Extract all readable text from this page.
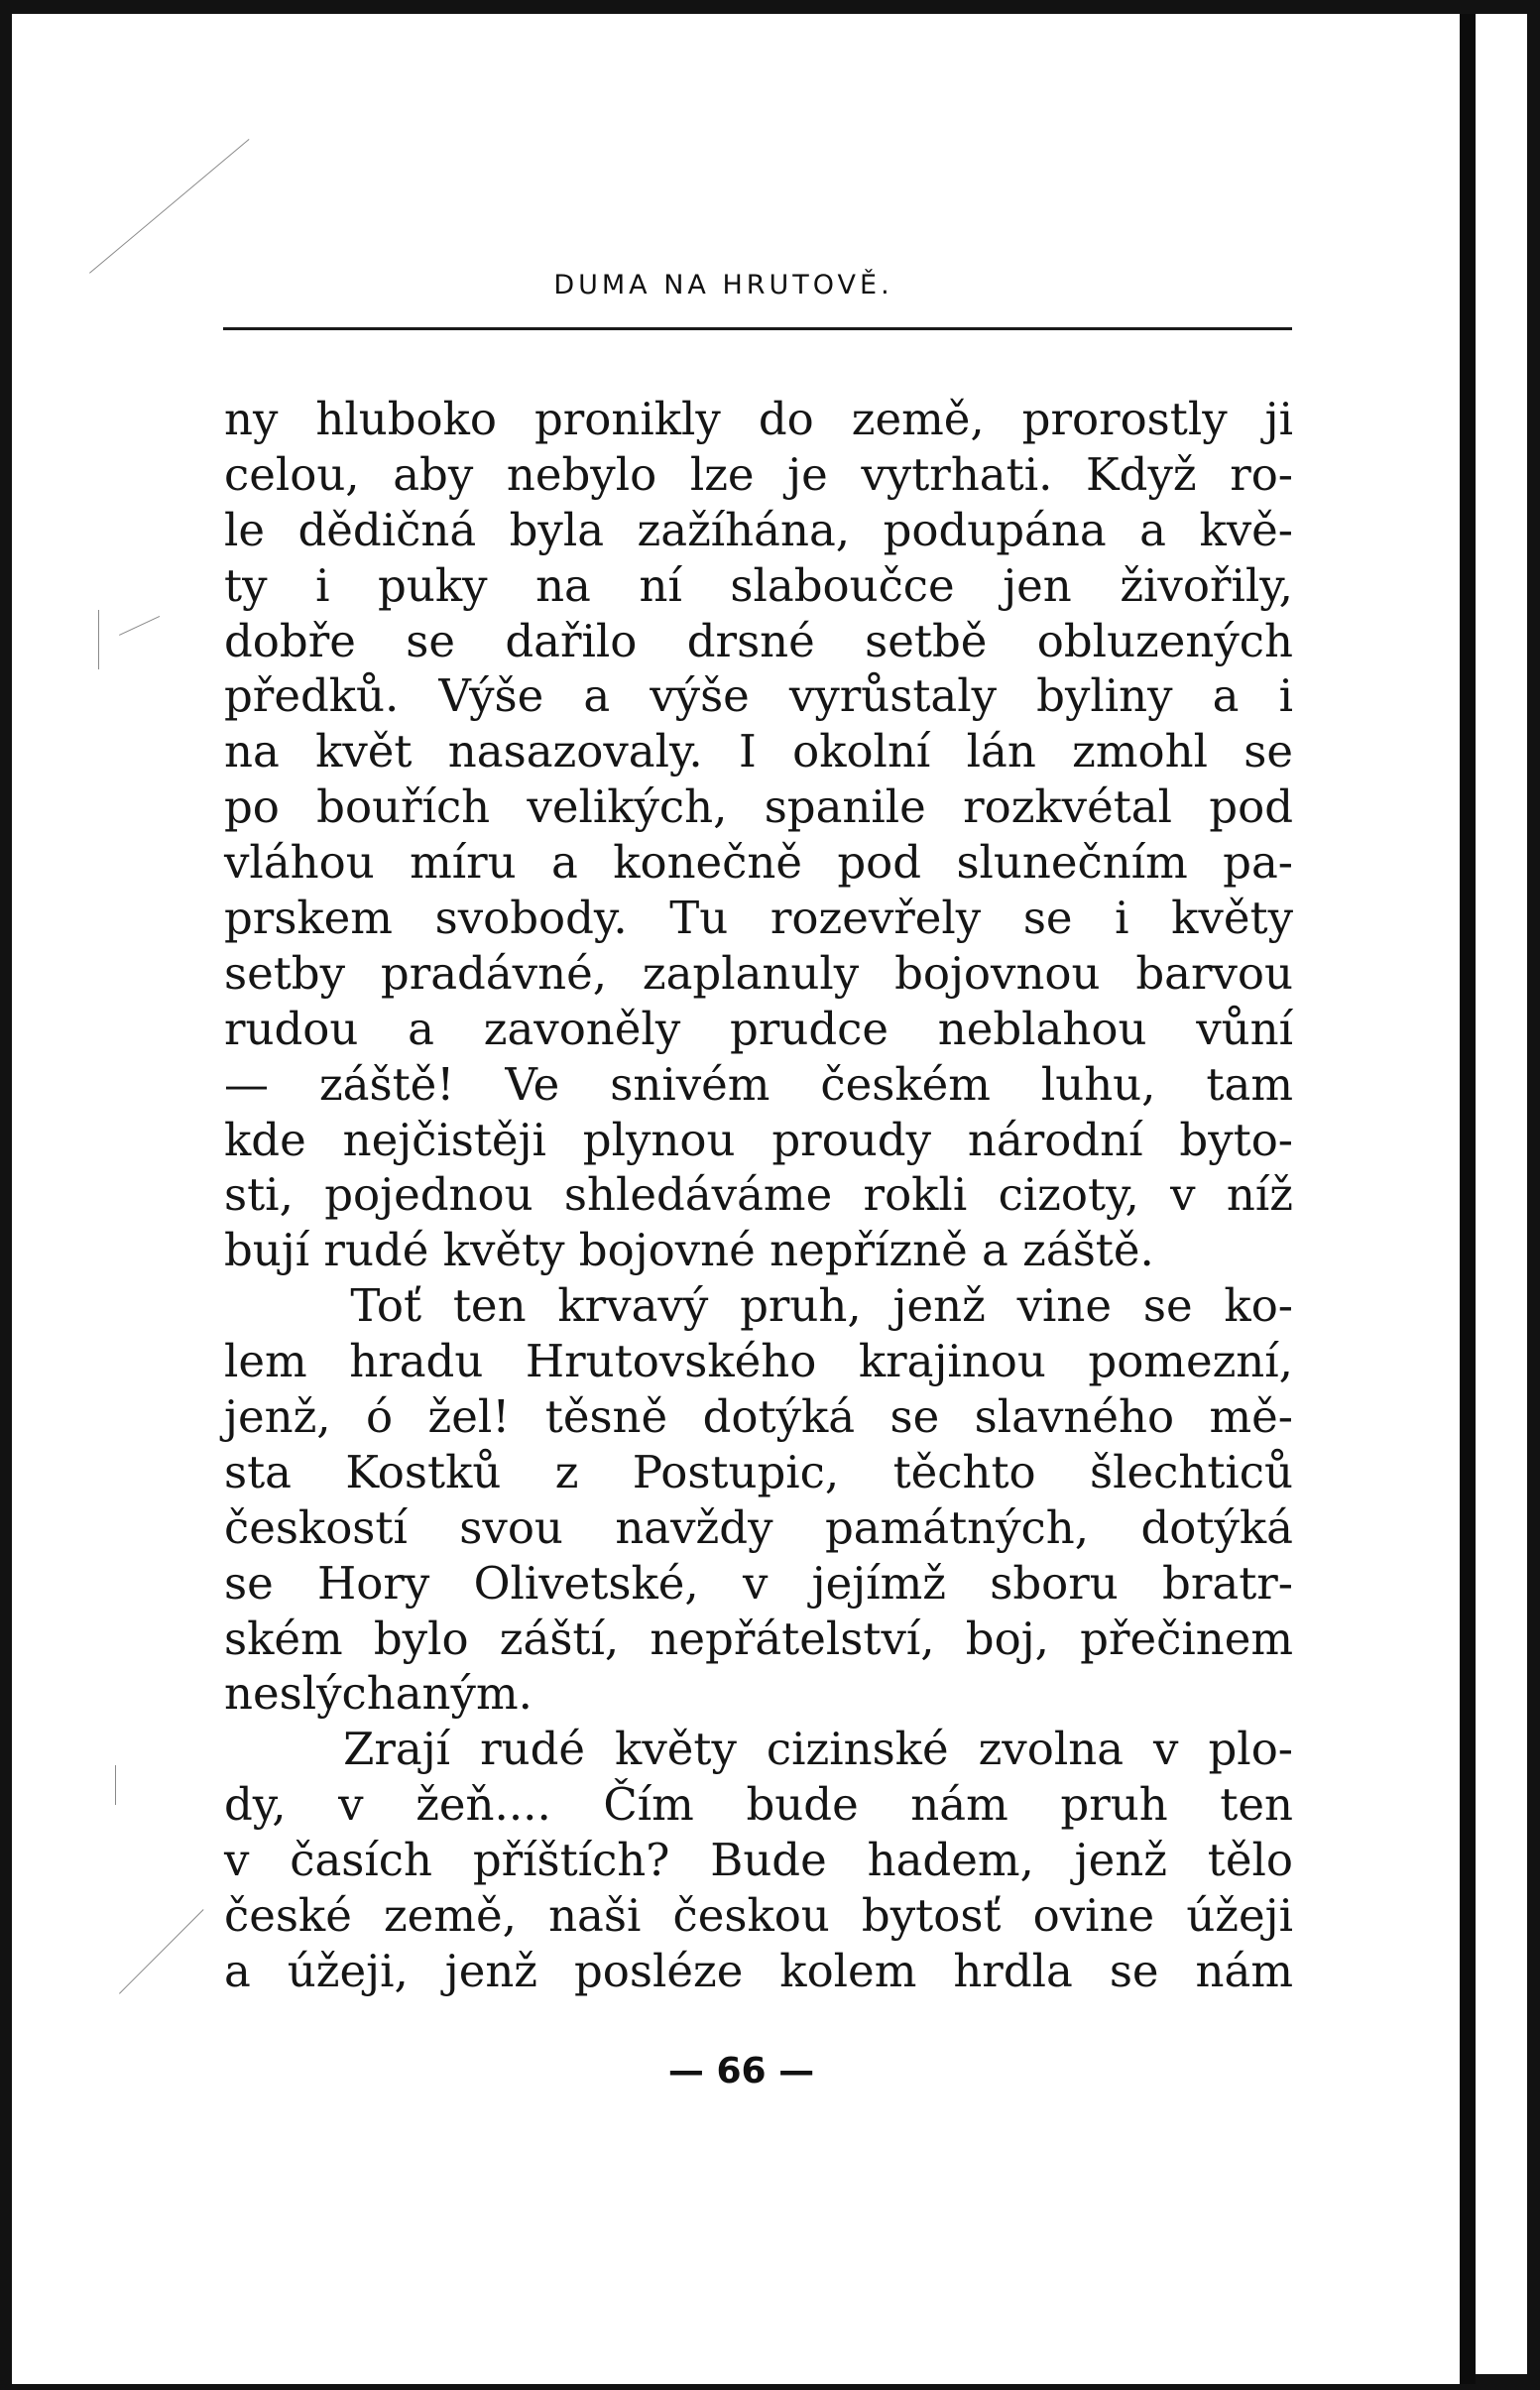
DUMA NA HRUTOVĚ.
ny hluboko pronikly do země, prorostly ji
celou, aby nebylo lze je vytrhati. Když ro-
le dědičná byla zažíhána, podupána a kvě-
ty i puky na ní slaboučce jen živořily,
dobře se dařilo drsné setbě obluzených
předků. Výše a výše vyrůstaly byliny a i
na květ nasazovaly. I okolní lán zmohl se
po bouřích velikých, spanile rozkvétal pod
vláhou míru a konečně pod slunečním pa-
prskem svobody. Tu rozevřely se i květy
setby pradávné, zaplanuly bojovnou barvou
rudou a zavoněly prudce neblahou vůní
— záště! Ve snivém českém luhu, tam
kde nejčistěji plynou proudy národní byto-
sti, pojednou shledáváme rokli cizoty, v níž
bují rudé květy bojovné nepřízně a záště.
Toť ten krvavý pruh, jenž vine se ko-
lem hradu Hrutovského krajinou pomezní,
jenž, ó žel! těsně dotýká se slavného mě-
sta Kostků z Postupic, těchto šlechticů
českostí svou navždy památných, dotýká
se Hory Olivetské, v jejímž sboru bratr-
ském bylo záští, nepřátelství, boj, přečinem
neslýchaným.
Zrají rudé květy cizinské zvolna v plo-
dy, v žeň.... Čím bude nám pruh ten
v časích příštích? Bude hadem, jenž tělo
české země, naši českou bytosť ovine úžeji
a úžeji, jenž posléze kolem hrdla se nám
— 66 —
